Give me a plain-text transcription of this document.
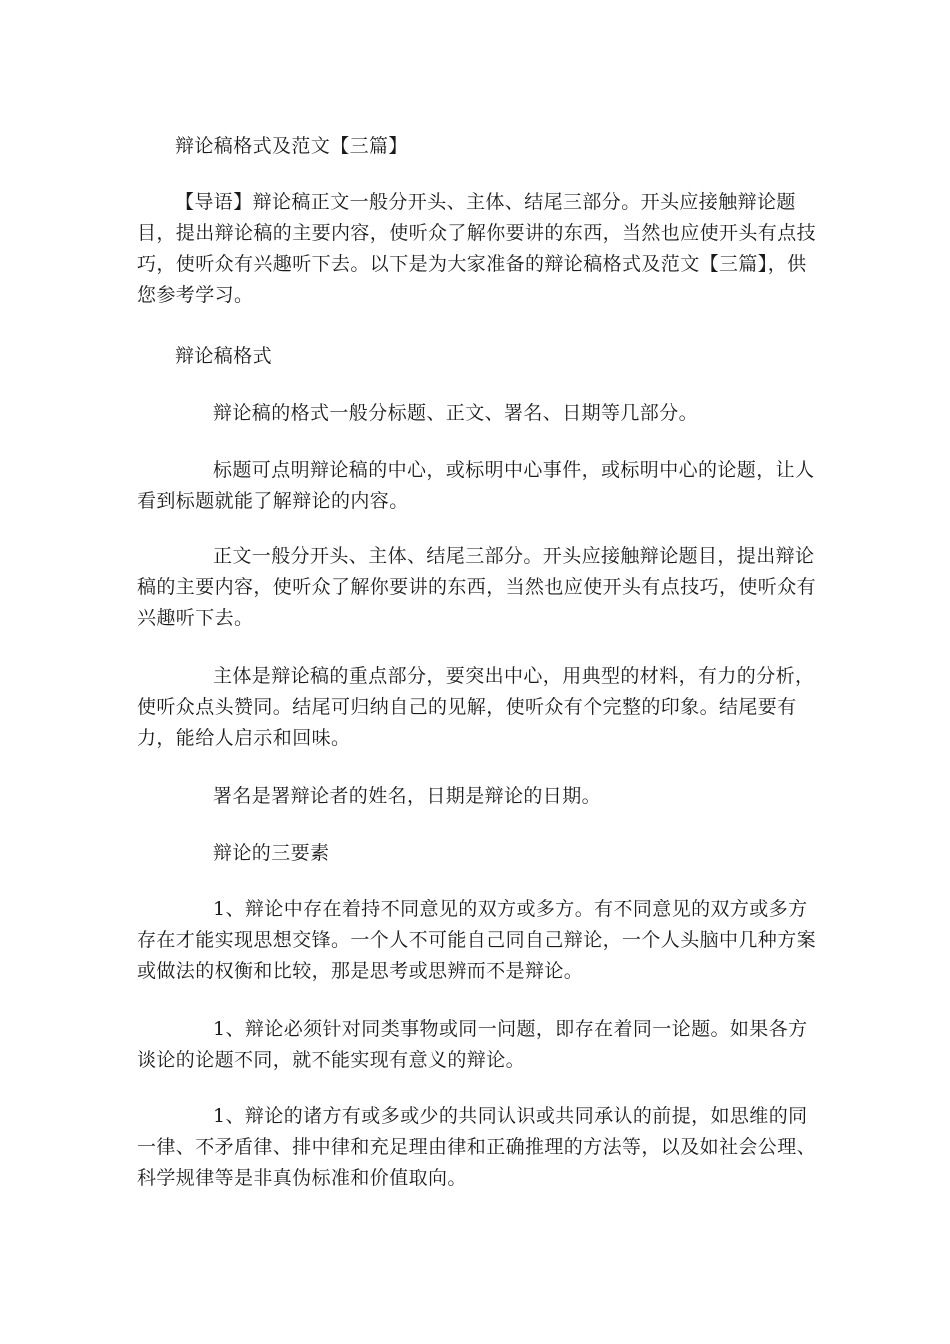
辩论稿格式及范文【三篇】

【导语】辩论稿正文一般分开头、主体、结尾三部分。开头应接触辩论题目，提出辩论稿的主要内容，使听众了解你要讲的东西，当然也应使开头有点技巧，使听众有兴趣听下去。以下是为大家准备的辩论稿格式及范文【三篇】，供您参考学习。

辩论稿格式

辩论稿的格式一般分标题、正文、署名、日期等几部分。

标题可点明辩论稿的中心，或标明中心事件，或标明中心的论题，让人看到标题就能了解辩论的内容。

正文一般分开头、主体、结尾三部分。开头应接触辩论题目，提出辩论稿的主要内容，使听众了解你要讲的东西，当然也应使开头有点技巧，使听众有兴趣听下去。

主体是辩论稿的重点部分，要突出中心，用典型的材料，有力的分析，使听众点头赞同。结尾可归纳自己的见解，使听众有个完整的印象。结尾要有力，能给人启示和回味。

署名是署辩论者的姓名，日期是辩论的日期。

辩论的三要素

1、辩论中存在着持不同意见的双方或多方。有不同意见的双方或多方存在才能实现思想交锋。一个人不可能自己同自己辩论，一个人头脑中几种方案或做法的权衡和比较，那是思考或思辨而不是辩论。

1、辩论必须针对同类事物或同一问题，即存在着同一论题。如果各方谈论的论题不同，就不能实现有意义的辩论。

1、辩论的诸方有或多或少的共同认识或共同承认的前提，如思维的同一律、不矛盾律、排中律和充足理由律和正确推理的方法等，以及如社会公理、科学规律等是非真伪标准和价值取向。
